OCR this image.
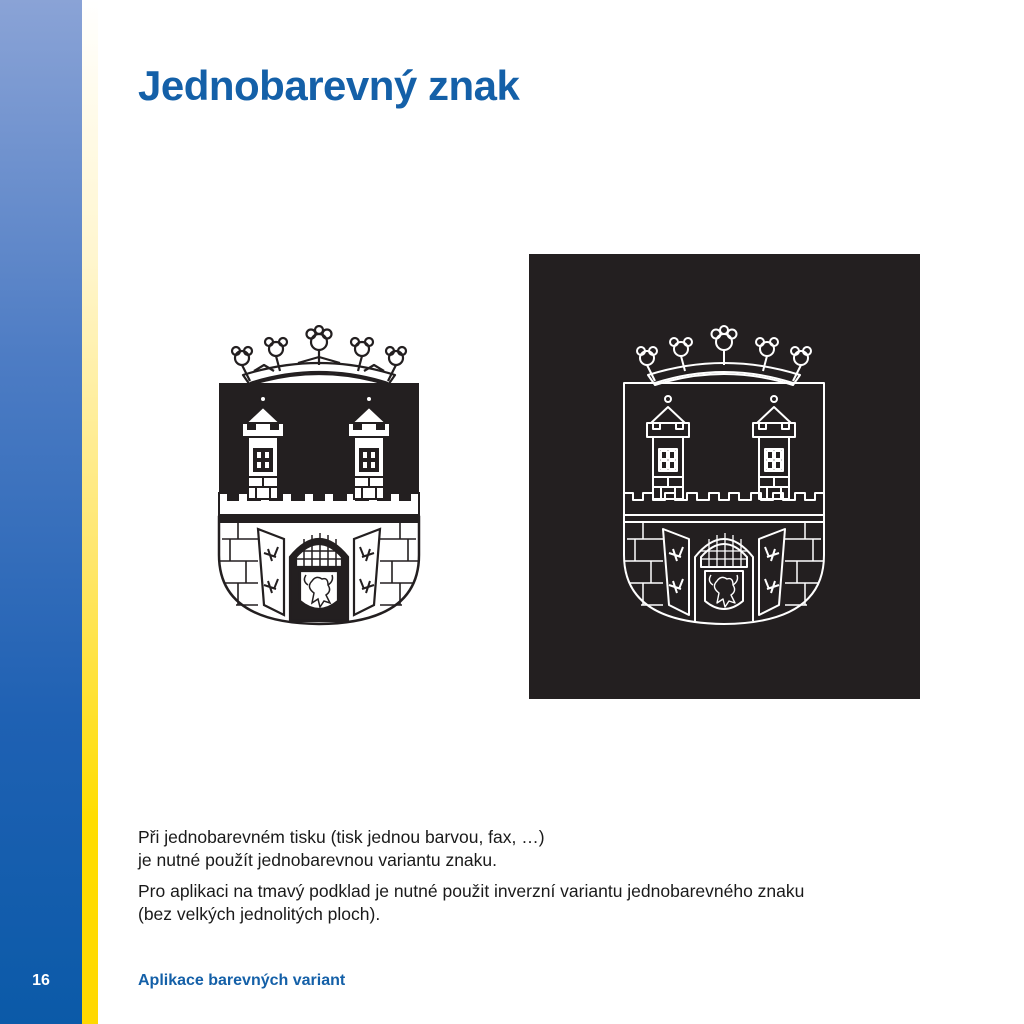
16
Jednobarevný znak

Při jednobarevném tisku (tisk jednou barvou, fax, …)
je nutné použít jednobarevnou variantu znaku.

Pro aplikaci na tmavý podklad je nutné použit inverzní variantu jednobarevného znaku
(bez velkých jednolitých ploch).

Aplikace barevných variant
